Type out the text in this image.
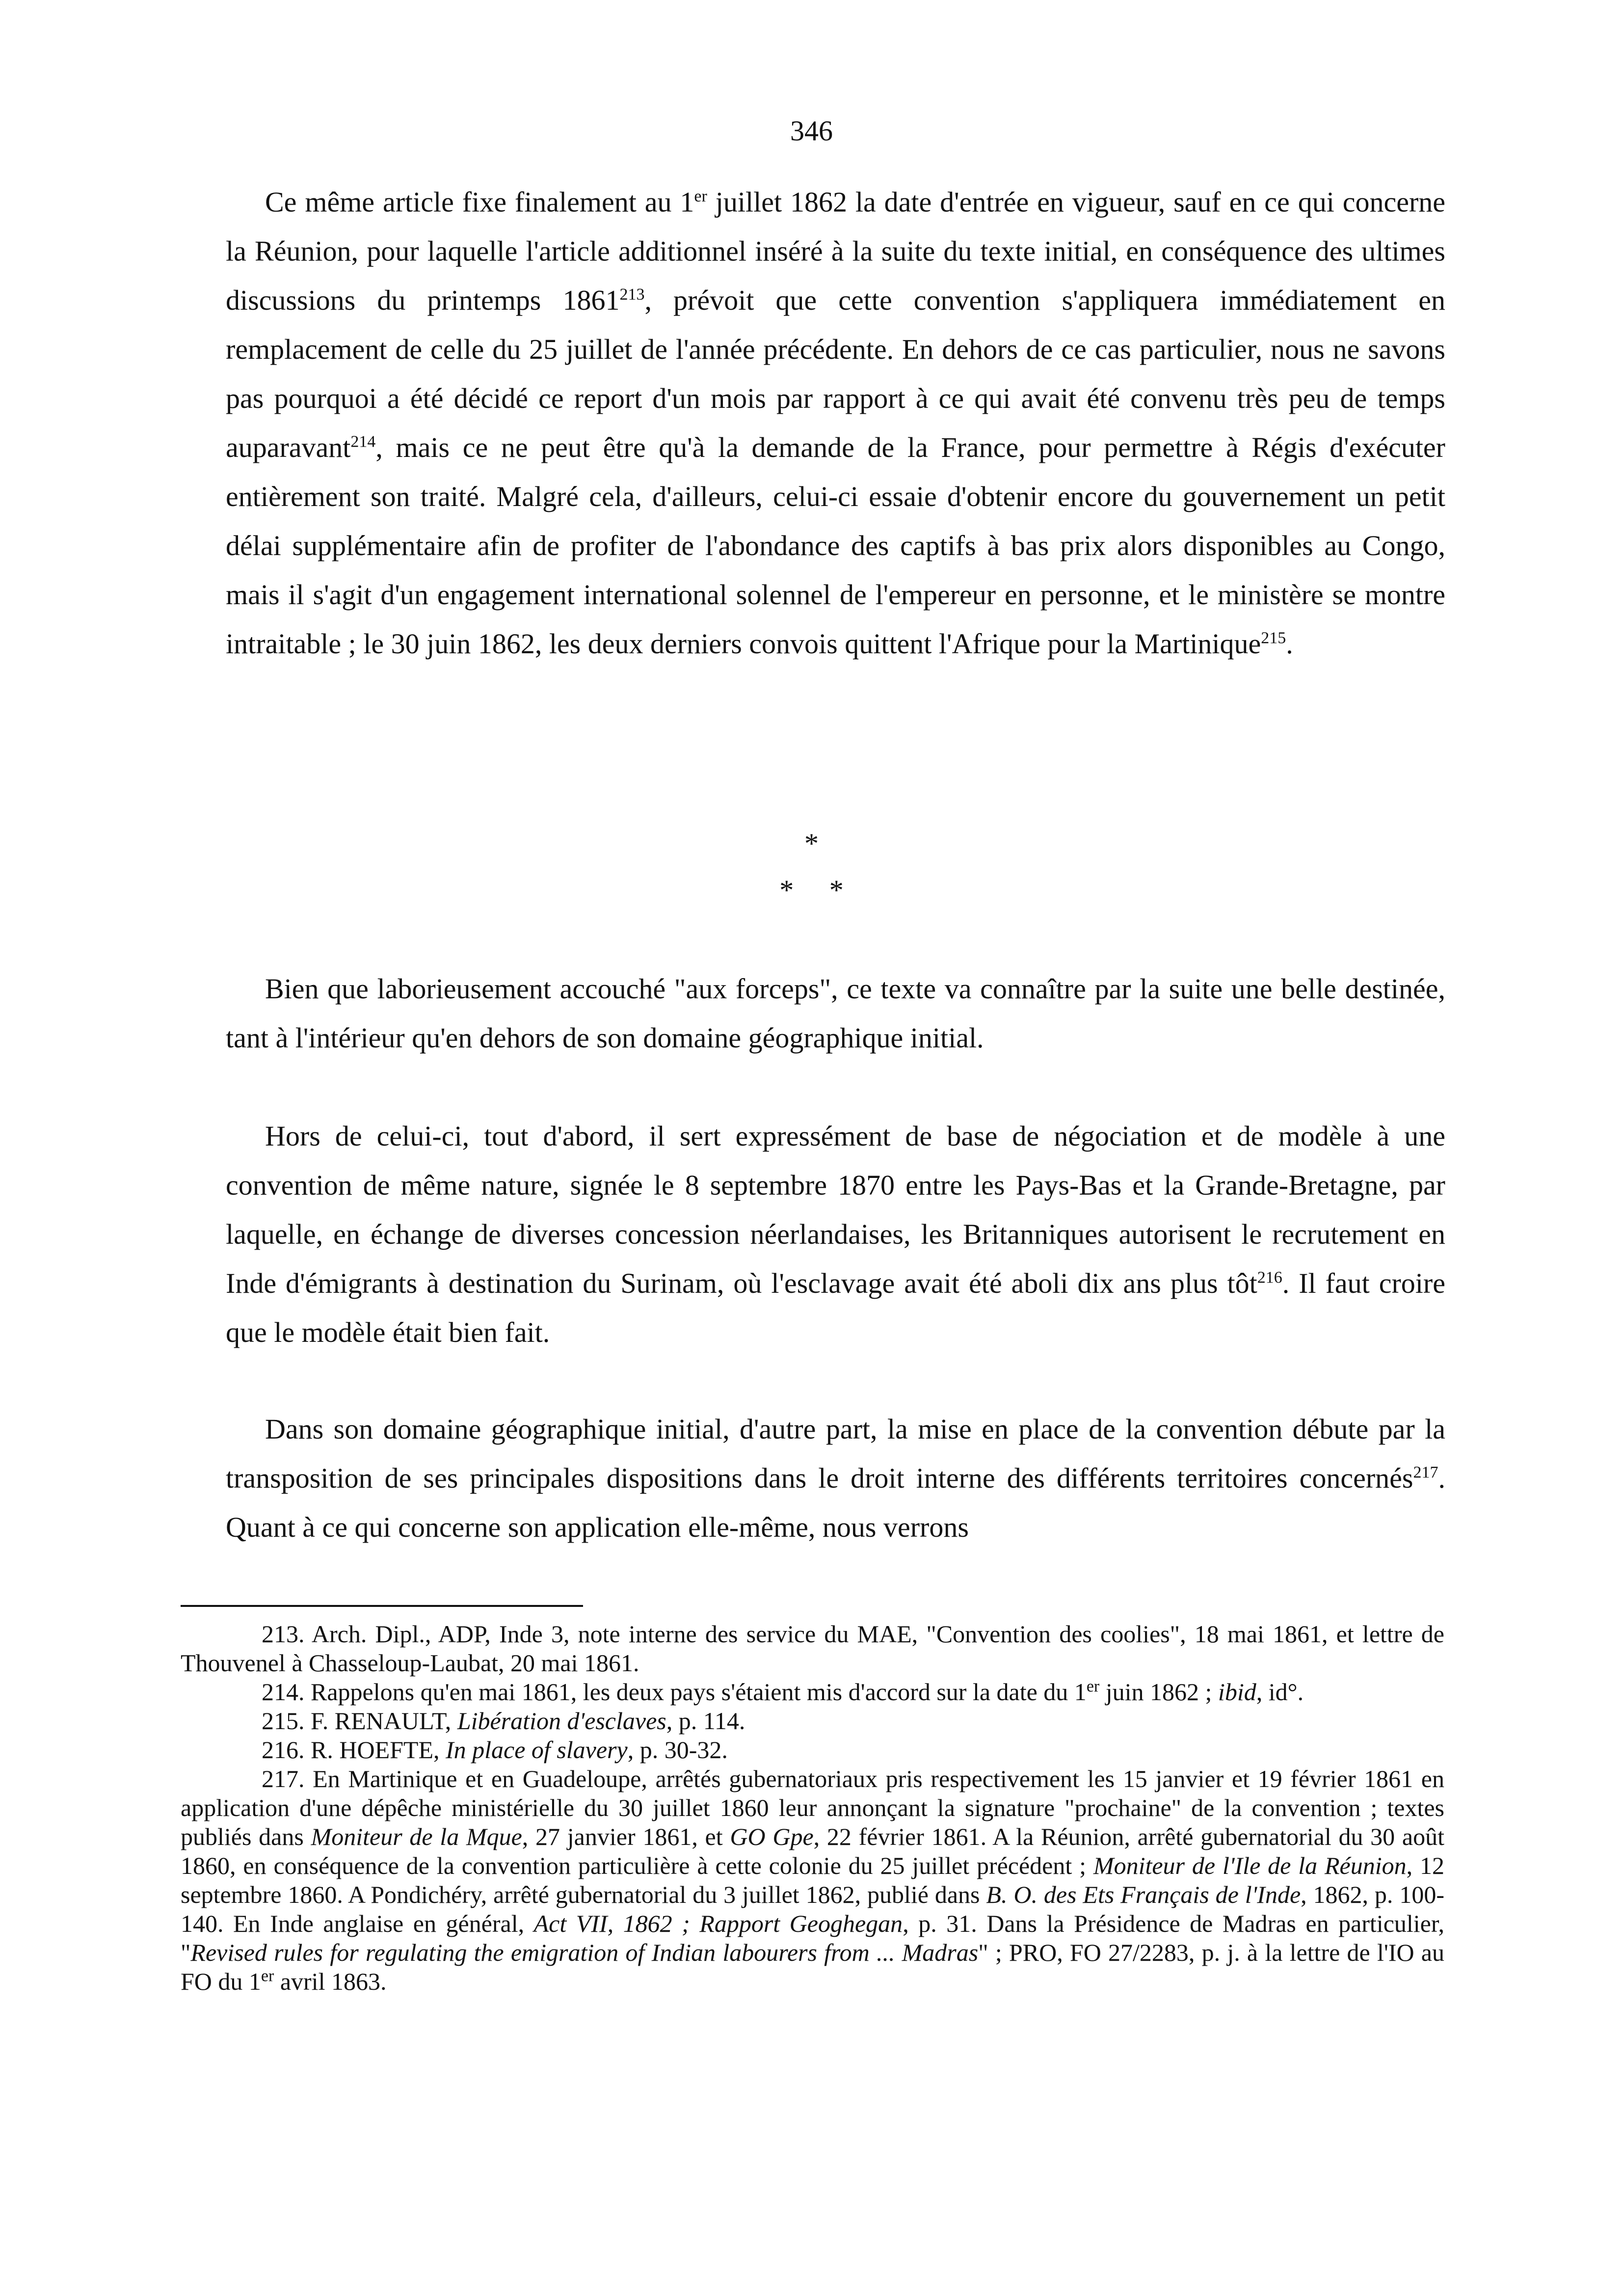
346

Ce même article fixe finalement au 1er juillet 1862 la date d'entrée en vigueur, sauf en ce qui concerne la Réunion, pour laquelle l'article additionnel inséré à la suite du texte initial, en conséquence des ultimes discussions du printemps 1861$^{213}$, prévoit que cette convention s'appliquera immédiatement en remplacement de celle du 25 juillet de l'année précédente. En dehors de ce cas particulier, nous ne savons pas pourquoi a été décidé ce report d'un mois par rapport à ce qui avait été convenu très peu de temps auparavant$^{214}$, mais ce ne peut être qu'à la demande de la France, pour permettre à Régis d'exécuter entièrement son traité. Malgré cela, d'ailleurs, celui-ci essaie d'obtenir encore du gouvernement un petit délai supplémentaire afin de profiter de l'abondance des captifs à bas prix alors disponibles au Congo, mais il s'agit d'un engagement international solennel de l'empereur en personne, et le ministère se montre intraitable ; le 30 juin 1862, les deux derniers convois quittent l'Afrique pour la Martinique$^{215}$.

*
*     *

Bien que laborieusement accouché "aux forceps", ce texte va connaître par la suite une belle destinée, tant à l'intérieur qu'en dehors de son domaine géographique initial.

Hors de celui-ci, tout d'abord, il sert expressément de base de négociation et de modèle à une convention de même nature, signée le 8 septembre 1870 entre les Pays-Bas et la Grande-Bretagne, par laquelle, en échange de diverses concession néerlandaises, les Britanniques autorisent le recrutement en Inde d'émigrants à destination du Surinam, où l'esclavage avait été aboli dix ans plus tôt$^{216}$. Il faut croire que le modèle était bien fait.

Dans son domaine géographique initial, d'autre part, la mise en place de la convention débute par la transposition de ses principales dispositions dans le droit interne des différents territoires concernés$^{217}$. Quant à ce qui concerne son application elle-même, nous verrons

213. Arch. Dipl., ADP, Inde 3, note interne des service du MAE, "Convention des coolies", 18 mai 1861, et lettre de Thouvenel à Chasseloup-Laubat, 20 mai 1861.

214. Rappelons qu'en mai 1861, les deux pays s'étaient mis d'accord sur la date du 1er juin 1862 ; ibid, id°.

215. F. RENAULT, Libération d'esclaves, p. 114.

216. R. HOEFTE, In place of slavery, p. 30-32.

217. En Martinique et en Guadeloupe, arrêtés gubernatoriaux pris respectivement les 15 janvier et 19 février 1861 en application d'une dépêche ministérielle du 30 juillet 1860 leur annonçant la signature "prochaine" de la convention ; textes publiés dans Moniteur de la Mque, 27 janvier 1861, et GO Gpe, 22 février 1861. A la Réunion, arrêté gubernatorial du 30 août 1860, en conséquence de la convention particulière à cette colonie du 25 juillet précédent ; Moniteur de l'Ile de la Réunion, 12 septembre 1860. A Pondichéry, arrêté gubernatorial du 3 juillet 1862, publié dans B. O. des Ets Français de l'Inde, 1862, p. 100-140. En Inde anglaise en général, Act VII, 1862 ; Rapport Geoghegan, p. 31. Dans la Présidence de Madras en particulier, "Revised rules for regulating the emigration of Indian labourers from ... Madras" ; PRO, FO 27/2283, p. j. à la lettre de l'IO au FO du 1er avril 1863.
